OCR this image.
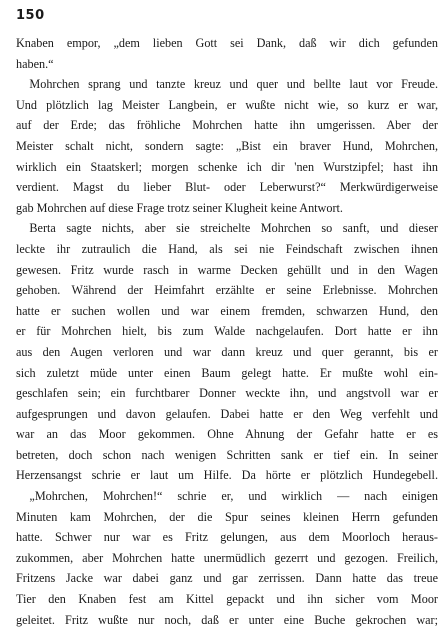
150
Knaben empor, „dem lieben Gott sei Dank, daß wir dich gefunden
haben.“
Mohrchen sprang und tanzte kreuz und quer und bellte laut vor Freude.
Und plötzlich lag Meister Langbein, er wußte nicht wie, so kurz er war,
auf der Erde; das fröhliche Mohrchen hatte ihn umgerissen. Aber der
Meister schalt nicht, sondern sagte: „Bist ein braver Hund, Mohrchen,
wirklich ein Staatskerl; morgen schenke ich dir 'nen Wurstzipfel; hast ihn
verdient. Magst du lieber Blut- oder Leberwurst?“ Merkwürdigerweise
gab Mohrchen auf diese Frage trotz seiner Klugheit keine Antwort.
Berta sagte nichts, aber sie streichelte Mohrchen so sanft, und dieser
leckte ihr zutraulich die Hand, als sei nie Feindschaft zwischen ihnen
gewesen. Fritz wurde rasch in warme Decken gehüllt und in den Wagen
gehoben. Während der Heimfahrt erzählte er seine Erlebnisse. Mohrchen
hatte er suchen wollen und war einem fremden, schwarzen Hund, den
er für Mohrchen hielt, bis zum Walde nachgelaufen. Dort hatte er ihn
aus den Augen verloren und war dann kreuz und quer gerannt, bis er
sich zuletzt müde unter einen Baum gelegt hatte. Er mußte wohl ein-
geschlafen sein; ein furchtbarer Donner weckte ihn, und angstvoll war er
aufgesprungen und davon gelaufen. Dabei hatte er den Weg verfehlt und
war an das Moor gekommen. Ohne Ahnung der Gefahr hatte er es
betreten, doch schon nach wenigen Schritten sank er tief ein. In seiner
Herzensangst schrie er laut um Hilfe. Da hörte er plötzlich Hundegebell.
„Mohrchen, Mohrchen!“ schrie er, und wirklich — nach einigen
Minuten kam Mohrchen, der die Spur seines kleinen Herrn gefunden
hatte. Schwer nur war es Fritz gelungen, aus dem Moorloch heraus-
zukommen, aber Mohrchen hatte unermüdlich gezerrt und gezogen. Freilich,
Fritzens Jacke war dabei ganz und gar zerrissen. Dann hatte das treue
Tier den Knaben fest am Kittel gepackt und ihn sicher vom Moor
geleitet. Fritz wußte nur noch, daß er unter eine Buche gekrochen war;
